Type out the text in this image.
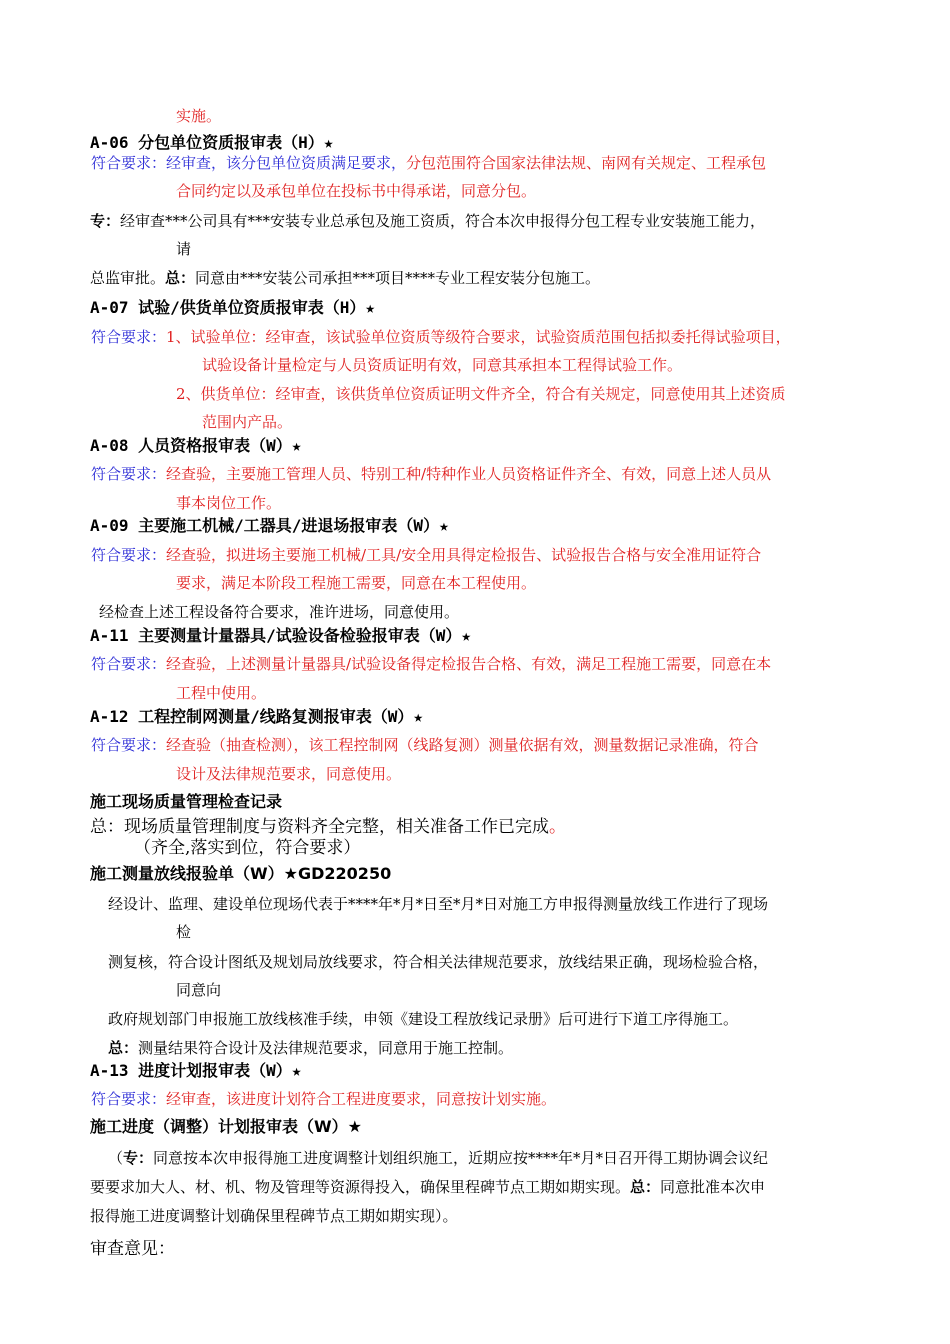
实施。
A-06 分包单位资质报审表（H）★
符合要求：经审查，该分包单位资质满足要求，分包范围符合国家法律法规、南网有关规定、工程承包
合同约定以及承包单位在投标书中得承诺，同意分包。
专：经审查***公司具有***安装专业总承包及施工资质，符合本次申报得分包工程专业安装施工能力，
请
总监审批。总：同意由***安装公司承担***项目****专业工程安装分包施工。
A-07 试验/供货单位资质报审表（H）★
符合要求：1、试验单位：经审查，该试验单位资质等级符合要求，试验资质范围包括拟委托得试验项目，
试验设备计量检定与人员资质证明有效，同意其承担本工程得试验工作。
2、供货单位：经审查，该供货单位资质证明文件齐全，符合有关规定，同意使用其上述资质
范围内产品。
A-08 人员资格报审表（W）★
符合要求：经查验，主要施工管理人员、特别工种/特种作业人员资格证件齐全、有效，同意上述人员从
事本岗位工作。
A-09 主要施工机械/工器具/进退场报审表（W）★
符合要求：经查验，拟进场主要施工机械/工具/安全用具得定检报告、试验报告合格与安全准用证符合
要求，满足本阶段工程施工需要，同意在本工程使用。
经检查上述工程设备符合要求，准许进场，同意使用。
A-11 主要测量计量器具/试验设备检验报审表（W）★
符合要求：经查验，上述测量计量器具/试验设备得定检报告合格、有效，满足工程施工需要，同意在本
工程中使用。
A-12 工程控制网测量/线路复测报审表（W）★
符合要求：经查验（抽查检测），该工程控制网（线路复测）测量依据有效，测量数据记录准确，符合
设计及法律规范要求，同意使用。
施工现场质量管理检查记录
总：现场质量管理制度与资料齐全完整，相关准备工作已完成。
（齐全,落实到位，符合要求）
施工测量放线报验单（W）★GD220250
经设计、监理、建设单位现场代表于****年*月*日至*月*日对施工方申报得测量放线工作进行了现场
检
测复核，符合设计图纸及规划局放线要求，符合相关法律规范要求，放线结果正确，现场检验合格，
同意向
政府规划部门申报施工放线核准手续，申领《建设工程放线记录册》后可进行下道工序得施工。
总：测量结果符合设计及法律规范要求，同意用于施工控制。
A-13 进度计划报审表（W）★
符合要求：经审查，该进度计划符合工程进度要求，同意按计划实施。
施工进度（调整）计划报审表（W）★
（专：同意按本次申报得施工进度调整计划组织施工，近期应按****年*月*日召开得工期协调会议纪
要要求加大人、材、机、物及管理等资源得投入，确保里程碑节点工期如期实现。总：同意批准本次申
报得施工进度调整计划确保里程碑节点工期如期实现）。
审查意见：
